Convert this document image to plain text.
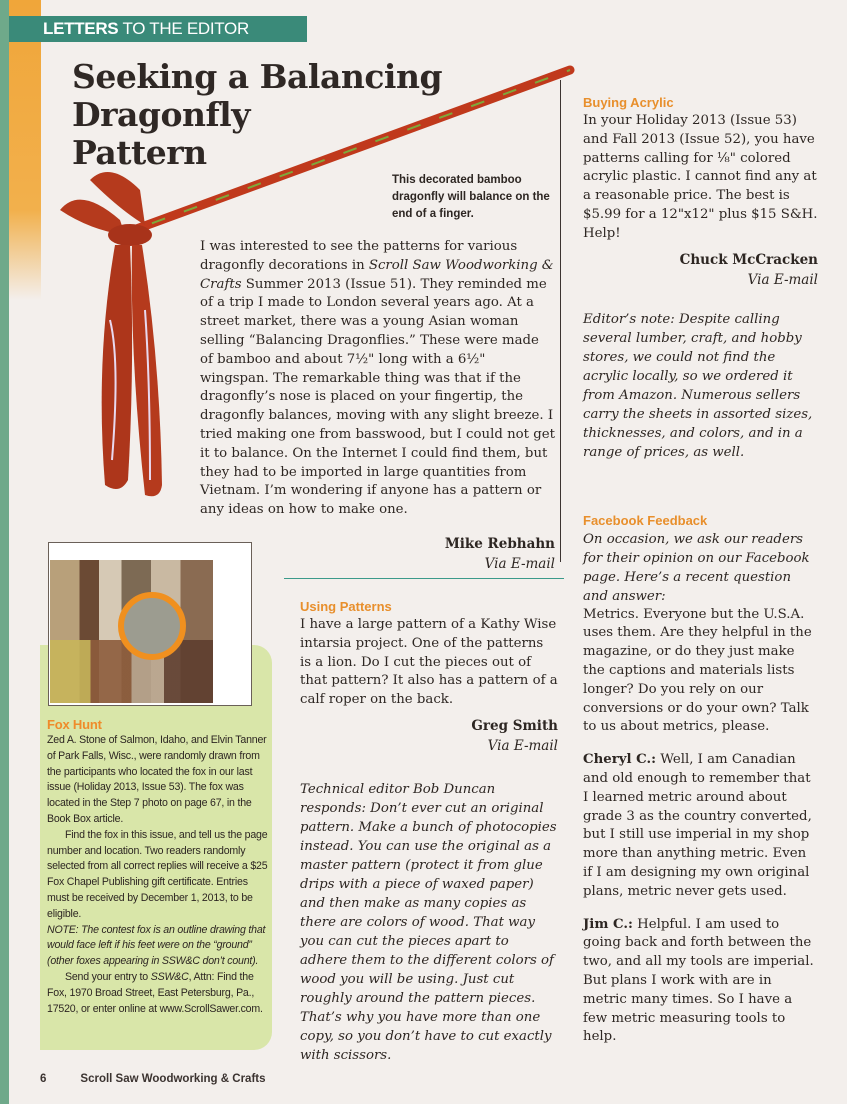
LETTERS TO THE EDITOR
Seeking a Balancing
Dragonfly
Pattern
This decorated bamboo dragonfly will balance on the end of a finger.

I was interested to see the patterns for various dragonfly decorations in Scroll Saw Woodworking & Crafts Summer 2013 (Issue 51). They reminded me of a trip I made to London several years ago. At a street market, there was a young Asian woman selling “Balancing Dragonflies.” These were made of bamboo and about 7½" long with a 6½" wingspan. The remarkable thing was that if the dragonfly’s nose is placed on your fingertip, the dragonfly balances, moving with any slight breeze. I tried making one from basswood, but I could not get it to balance. On the Internet I could find them, but they had to be imported in large quantities from Vietnam. I’m wondering if anyone has a pattern or any ideas on how to make one.

Mike Rebhahn
Via E-mail
Buying Acrylic

In your Holiday 2013 (Issue 53) and Fall 2013 (Issue 52), you have patterns calling for ⅛" colored acrylic plastic. I cannot find any at a reasonable price. The best is $5.99 for a 12"x12" plus $15 S&H. Help!

Chuck McCracken
Via E-mail

Editor’s note: Despite calling several lumber, craft, and hobby stores, we could not find the acrylic locally, so we ordered it from Amazon. Numerous sellers carry the sheets in assorted sizes, thicknesses, and colors, and in a range of prices, as well.

Facebook Feedback

On occasion, we ask our readers for their opinion on our Facebook page. Here’s a recent question and answer:

Metrics. Everyone but the U.S.A. uses them. Are they helpful in the magazine, or do they just make the captions and materials lists longer? Do you rely on our conversions or do your own? Talk to us about metrics, please.

Cheryl C.: Well, I am Canadian and old enough to remember that I learned metric around about grade 3 as the country converted, but I still use imperial in my shop more than anything metric. Even if I am designing my own original plans, metric never gets used.

Jim C.: Helpful. I am used to going back and forth between the two, and all my tools are imperial. But plans I work with are in metric many times. So I have a few metric measuring tools to help.

Using Patterns

I have a large pattern of a Kathy Wise intarsia project. One of the patterns is a lion. Do I cut the pieces out of that pattern? It also has a pattern of a calf roper on the back.

Greg Smith
Via E-mail

Technical editor Bob Duncan responds: Don’t ever cut an original pattern. Make a bunch of photocopies instead. You can use the original as a master pattern (protect it from glue drips with a piece of waxed paper) and then make as many copies as there are colors of wood. That way you can cut the pieces apart to adhere them to the different colors of wood you will be using. Just cut roughly around the pattern pieces. That’s why you have more than one copy, so you don’t have to cut exactly with scissors.

Fox Hunt

Zed A. Stone of Salmon, Idaho, and Elvin Tanner of Park Falls, Wisc., were randomly drawn from the participants who located the fox in our last issue (Holiday 2013, Issue 53). The fox was located in the Step 7 photo on page 67, in the Book Box article.

Find the fox in this issue, and tell us the page number and location. Two readers randomly selected from all correct replies will receive a $25 Fox Chapel Publishing gift certificate. Entries must be received by December 1, 2013, to be eligible.

NOTE: The contest fox is an outline drawing that would face left if his feet were on the “ground” (other foxes appearing in SSW&C don’t count).

Send your entry to SSW&C, Attn: Find the Fox, 1970 Broad Street, East Petersburg, Pa., 17520, or enter online at www.ScrollSawer.com.

6	Scroll Saw Woodworking & Crafts
